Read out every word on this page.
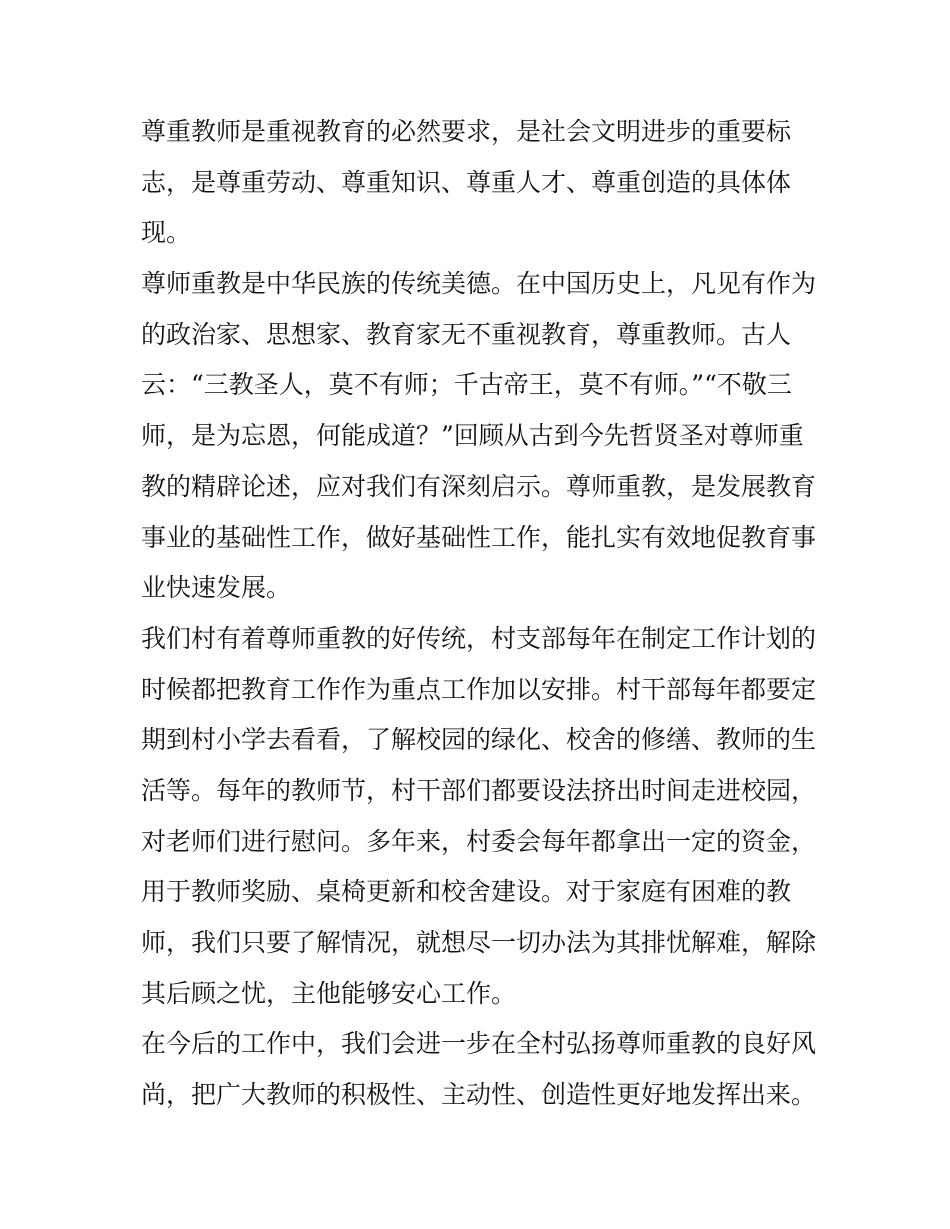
尊重教师是重视教育的必然要求，是社会文明进步的重要标
志，是尊重劳动、尊重知识、尊重人才、尊重创造的具体体
现。
尊师重教是中华民族的传统美德。在中国历史上，凡见有作为
的政治家、思想家、教育家无不重视教育，尊重教师。古人
云：“三教圣人，莫不有师；千古帝王，莫不有师。”“不敬三
师，是为忘恩，何能成道？”回顾从古到今先哲贤圣对尊师重
教的精辟论述，应对我们有深刻启示。尊师重教，是发展教育
事业的基础性工作，做好基础性工作，能扎实有效地促教育事
业快速发展。
我们村有着尊师重教的好传统，村支部每年在制定工作计划的
时候都把教育工作作为重点工作加以安排。村干部每年都要定
期到村小学去看看，了解校园的绿化、校舍的修缮、教师的生
活等。每年的教师节，村干部们都要设法挤出时间走进校园，
对老师们进行慰问。多年来，村委会每年都拿出一定的资金，
用于教师奖励、桌椅更新和校舍建设。对于家庭有困难的教
师，我们只要了解情况，就想尽一切办法为其排忧解难，解除
其后顾之忧，主他能够安心工作。
在今后的工作中，我们会进一步在全村弘扬尊师重教的良好风
尚，把广大教师的积极性、主动性、创造性更好地发挥出来。
